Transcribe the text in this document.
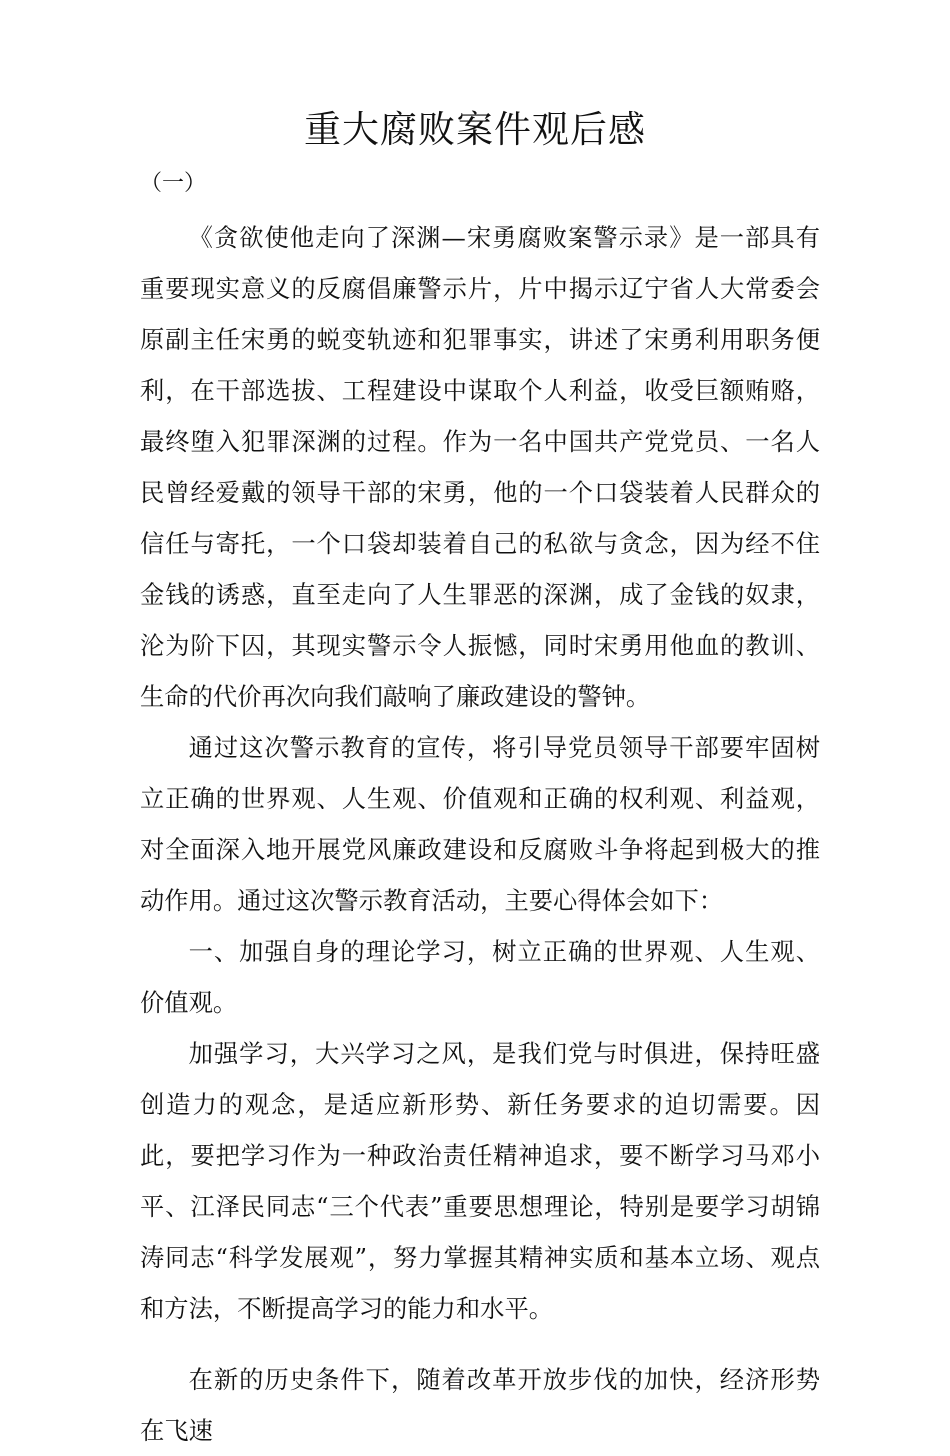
重大腐败案件观后感
（一）

《贪欲使他走向了深渊—宋勇腐败案警示录》是一部具有重要现实意义的反腐倡廉警示片，片中揭示辽宁省人大常委会原副主任宋勇的蜕变轨迹和犯罪事实，讲述了宋勇利用职务便利，在干部选拔、工程建设中谋取个人利益，收受巨额贿赂，最终堕入犯罪深渊的过程。作为一名中国共产党党员、一名人民曾经爱戴的领导干部的宋勇，他的一个口袋装着人民群众的信任与寄托，一个口袋却装着自己的私欲与贪念，因为经不住金钱的诱惑，直至走向了人生罪恶的深渊，成了金钱的奴隶，沦为阶下囚，其现实警示令人振憾，同时宋勇用他血的教训、生命的代价再次向我们敲响了廉政建设的警钟。

通过这次警示教育的宣传，将引导党员领导干部要牢固树立正确的世界观、人生观、价值观和正确的权利观、利益观，对全面深入地开展党风廉政建设和反腐败斗争将起到极大的推动作用。通过这次警示教育活动，主要心得体会如下：

一、加强自身的理论学习，树立正确的世界观、人生观、价值观。

加强学习，大兴学习之风，是我们党与时俱进，保持旺盛创造力的观念，是适应新形势、新任务要求的迫切需要。因此，要把学习作为一种政治责任精神追求，要不断学习马邓小平、江泽民同志“三个代表”重要思想理论，特别是要学习胡锦涛同志“科学发展观”，努力掌握其精神实质和基本立场、观点和方法，不断提高学习的能力和水平。

在新的历史条件下，随着改革开放步伐的加快，经济形势在飞速
